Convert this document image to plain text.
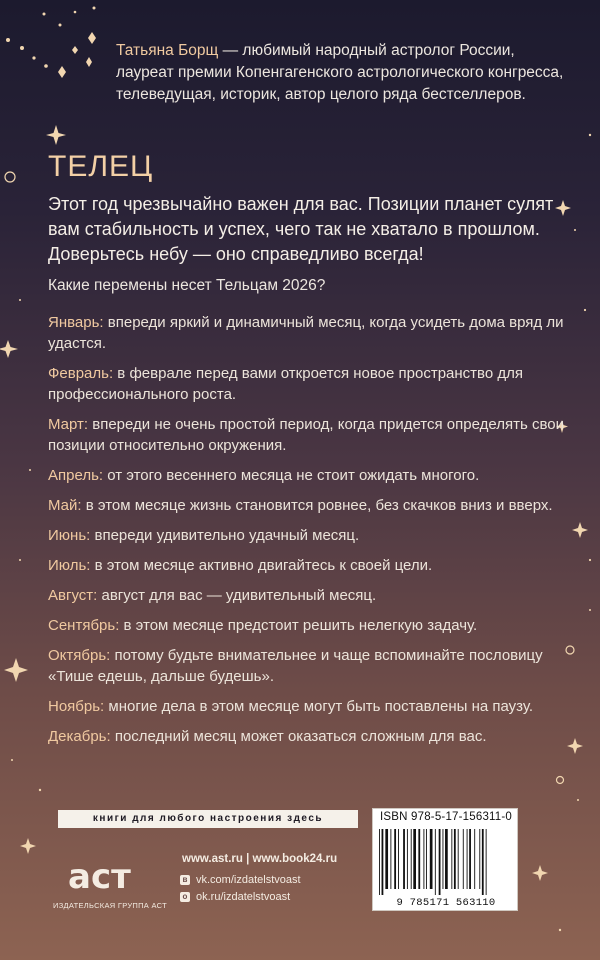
Татьяна Борщ — любимый народный астролог России, лауреат премии Копенгагенского астрологического конгресса, телеведущая, историк, автор целого ряда бестселлеров.
ТЕЛЕЦ
Этот год чрезвычайно важен для вас. Позиции планет сулят вам стабильность и успех, чего так не хватало в прошлом. Доверьтесь небу — оно справедливо всегда!
Какие перемены несет Тельцам 2026?
Январь: впереди яркий и динамичный месяц, когда усидеть дома вряд ли удастся.
Февраль: в феврале перед вами откроется новое пространство для профессионального роста.
Март: впереди не очень простой период, когда придется определять свои позиции относительно окружения.
Апрель: от этого весеннего месяца не стоит ожидать многого.
Май: в этом месяце жизнь становится ровнее, без скачков вниз и вверх.
Июнь: впереди удивительно удачный месяц.
Июль: в этом месяце активно двигайтесь к своей цели.
Август: август для вас — удивительный месяц.
Сентябрь: в этом месяце предстоит решить нелегкую задачу.
Октябрь: потому будьте внимательнее и чаще вспоминайте пословицу «Тише едешь, дальше будешь».
Ноябрь: многие дела в этом месяце могут быть поставлены на паузу.
Декабрь: последний месяц может оказаться сложным для вас.
книги для любого настроения здесь
аст
ИЗДАТЕЛЬСКАЯ ГРУППА АСТ
www.ast.ru | www.book24.ru
в vk.com/izdatelstvoast
о ok.ru/izdatelstvoast
ISBN 978-5-17-156311-0
9 785171 563110
